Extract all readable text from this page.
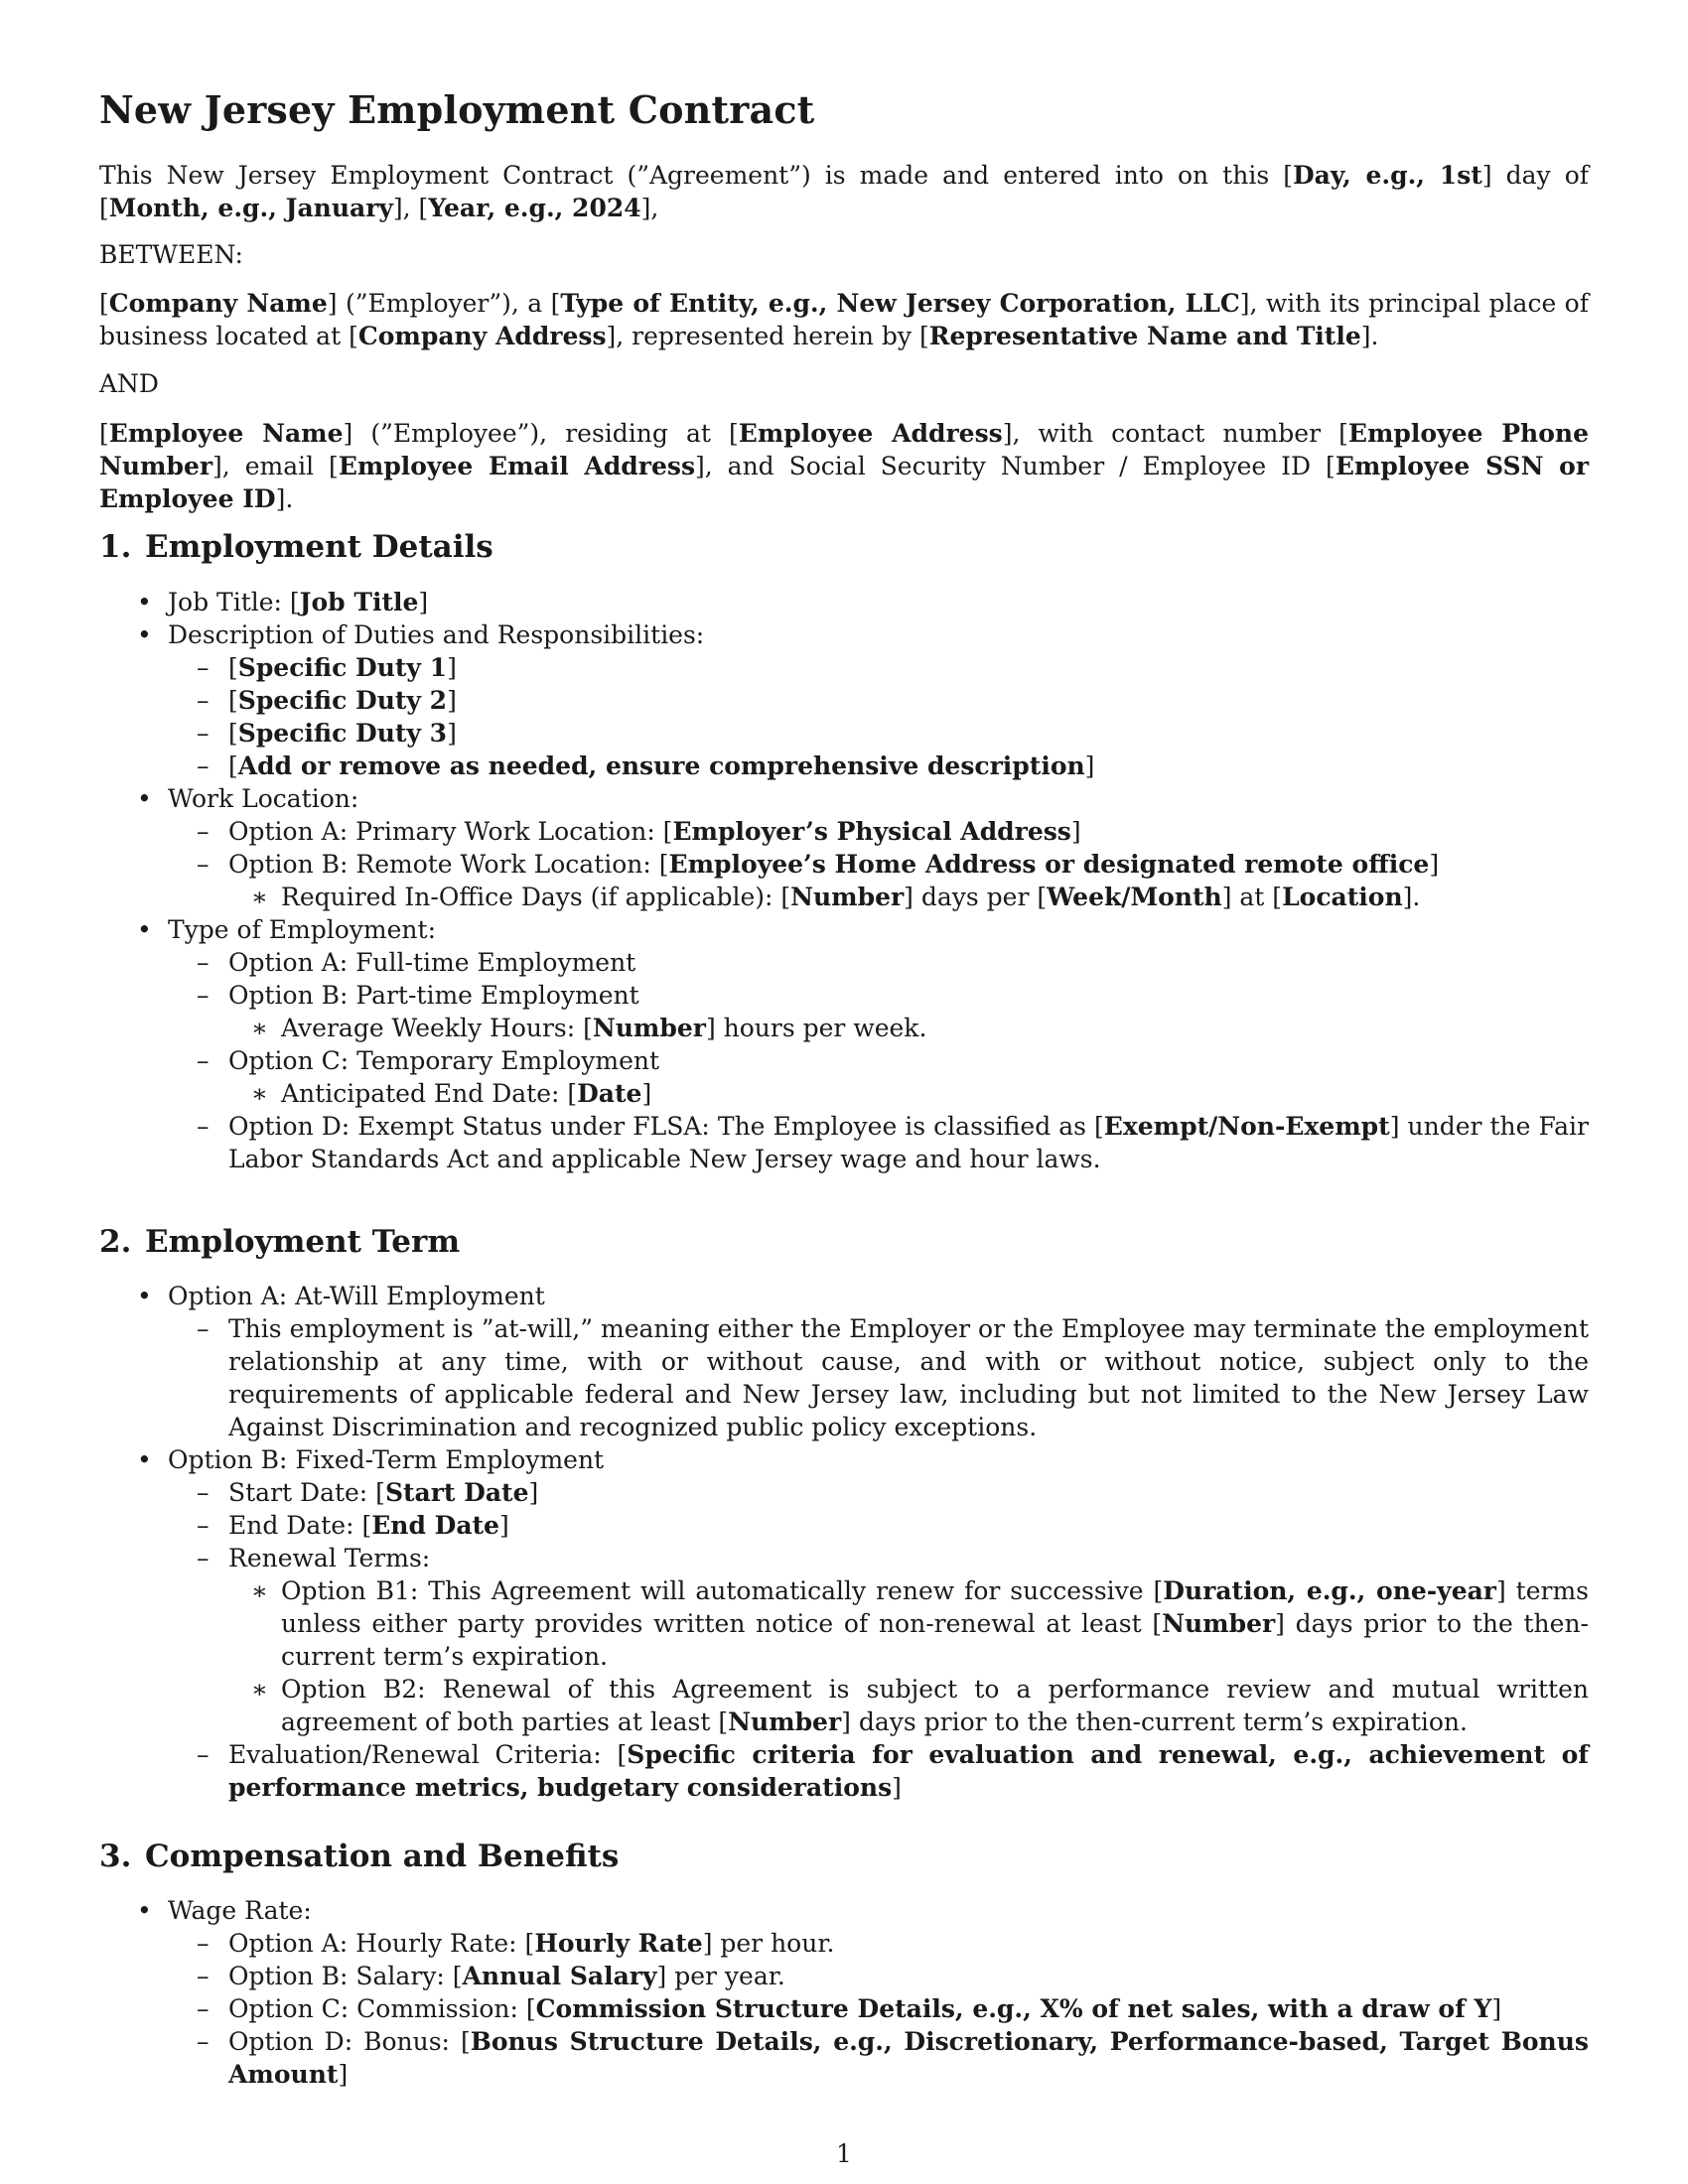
New Jersey Employment Contract

This New Jersey Employment Contract (”Agreement”) is made and entered into on this [Day, e.g., 1st] day of [Month, e.g., January], [Year, e.g., 2024],

BETWEEN:

[Company Name] (”Employer”), a [Type of Entity, e.g., New Jersey Corporation, LLC], with its principal place of business located at [Company Address], represented herein by [Representative Name and Title].

AND

[Employee Name] (”Employee”), residing at [Employee Address], with contact number [Employee Phone Number], email [Employee Email Address], and Social Security Number / Employee ID [Employee SSN or Employee ID].

1. Employment Details
• Job Title: [Job Title]
• Description of Duties and Responsibilities:
– [Specific Duty 1]
– [Specific Duty 2]
– [Specific Duty 3]
– [Add or remove as needed, ensure comprehensive description]
• Work Location:
– Option A: Primary Work Location: [Employer’s Physical Address]
– Option B: Remote Work Location: [Employee’s Home Address or designated remote office]
∗ Required In-Office Days (if applicable): [Number] days per [Week/Month] at [Location].
• Type of Employment:
– Option A: Full-time Employment
– Option B: Part-time Employment
∗ Average Weekly Hours: [Number] hours per week.
– Option C: Temporary Employment
∗ Anticipated End Date: [Date]
– Option D: Exempt Status under FLSA: The Employee is classified as [Exempt/Non-Exempt] under the Fair Labor Standards Act and applicable New Jersey wage and hour laws.
2. Employment Term
• Option A: At-Will Employment
– This employment is ”at-will,” meaning either the Employer or the Employee may terminate the employment relationship at any time, with or without cause, and with or without notice, subject only to the requirements of applicable federal and New Jersey law, including but not limited to the New Jersey Law Against Discrimination and recognized public policy exceptions.
• Option B: Fixed-Term Employment
– Start Date: [Start Date]
– End Date: [End Date]
– Renewal Terms:
∗ Option B1: This Agreement will automatically renew for successive [Duration, e.g., one-year] terms unless either party provides written notice of non-renewal at least [Number] days prior to the then-current term’s expiration.
∗ Option B2: Renewal of this Agreement is subject to a performance review and mutual written agreement of both parties at least [Number] days prior to the then-current term’s expiration.
– Evaluation/Renewal Criteria: [Specific criteria for evaluation and renewal, e.g., achievement of performance metrics, budgetary considerations]
3. Compensation and Benefits
• Wage Rate:
– Option A: Hourly Rate: [Hourly Rate] per hour.
– Option B: Salary: [Annual Salary] per year.
– Option C: Commission: [Commission Structure Details, e.g., X% of net sales, with a draw of Y]
– Option D: Bonus: [Bonus Structure Details, e.g., Discretionary, Performance-based, Target Bonus Amount]
1
